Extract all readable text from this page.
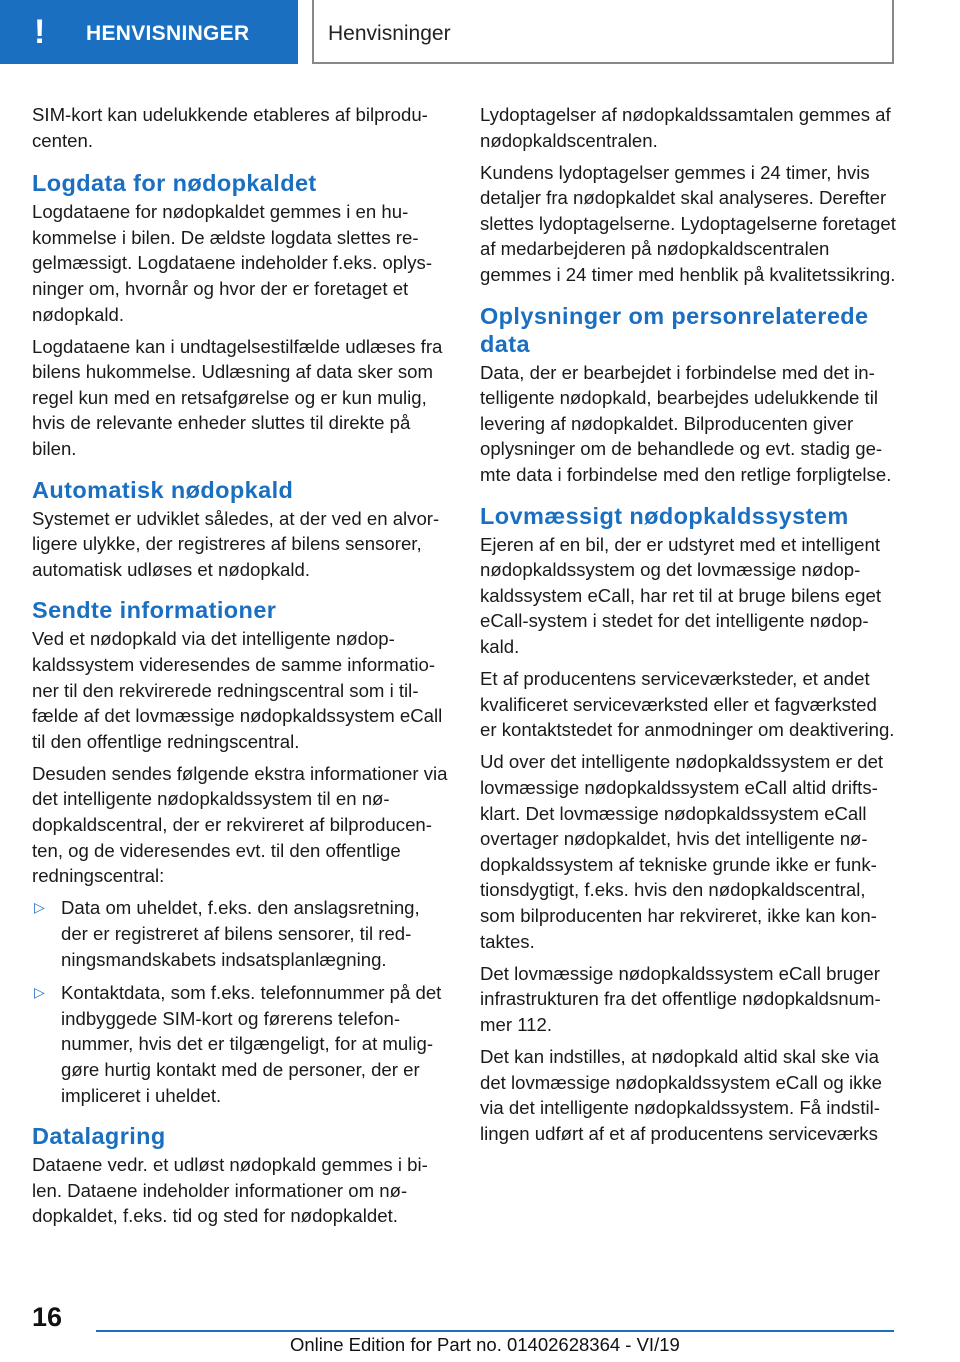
! HENVISNINGER	Henvisninger

SIM-kort kan udelukkende etableres af bilproducenten.

Logdata for nødopkaldet

Logdataene for nødopkaldet gemmes i en hukommelse i bilen. De ældste logdata slettes regelmæssigt. Logdataene indeholder f.eks. oplysninger om, hvornår og hvor der er foretaget et nødopkald.

Logdataene kan i undtagelsestilfælde udlæses fra bilens hukommelse. Udlæsning af data sker som regel kun med en retsafgørelse og er kun mulig, hvis de relevante enheder sluttes til direkte på bilen.

Automatisk nødopkald

Systemet er udviklet således, at der ved en alvorligere ulykke, der registreres af bilens sensorer, automatisk udløses et nødopkald.

Sendte informationer

Ved et nødopkald via det intelligente nødopkaldssystem videresendes de samme informationer til den rekvirerede redningscentral som i tilfælde af det lovmæssige nødopkaldssystem eCall til den offentlige redningscentral.

Desuden sendes følgende ekstra informationer via det intelligente nødopkaldssystem til en nødopkaldscentral, der er rekvireret af bilproducenten, og de videresendes evt. til den offentlige redningscentral:

▷ Data om uheldet, f.eks. den anslagsretning, der er registreret af bilens sensorer, til redningsmandskabets indsatsplanlægning.
▷ Kontaktdata, som f.eks. telefonnummer på det indbyggede SIM-kort og førerens telefonnummer, hvis det er tilgængeligt, for at muliggøre hurtig kontakt med de personer, der er impliceret i uheldet.
Datalagring

Dataene vedr. et udløst nødopkald gemmes i bilen. Dataene indeholder informationer om nødopkaldet, f.eks. tid og sted for nødopkaldet.

Lydoptagelser af nødopkaldssamtalen gemmes af nødopkaldscentralen.

Kundens lydoptagelser gemmes i 24 timer, hvis detaljer fra nødopkaldet skal analyseres. Derefter slettes lydoptagelserne. Lydoptagelserne foretaget af medarbejderen på nødopkaldscentralen gemmes i 24 timer med henblik på kvalitetssikring.

Oplysninger om personrelaterede data

Data, der er bearbejdet i forbindelse med det intelligente nødopkald, bearbejdes udelukkende til levering af nødopkaldet. Bilproducenten giver oplysninger om de behandlede og evt. stadig gemte data i forbindelse med den retlige forpligtelse.

Lovmæssigt nødopkaldssystem

Ejeren af en bil, der er udstyret med et intelligent nødopkaldssystem og det lovmæssige nødopkaldssystem eCall, har ret til at bruge bilens eget eCall-system i stedet for det intelligente nødopkald.

Et af producentens serviceværksteder, et andet kvalificeret serviceværksted eller et fagværksted er kontaktstedet for anmodninger om deaktivering.

Ud over det intelligente nødopkaldssystem er det lovmæssige nødopkaldssystem eCall altid driftsklart. Det lovmæssige nødopkaldssystem eCall overtager nødopkaldet, hvis det intelligente nødopkaldssystem af tekniske grunde ikke er funktionsdygtigt, f.eks. hvis den nødopkaldscentral, som bilproducenten har rekvireret, ikke kan kontaktes.

Det lovmæssige nødopkaldssystem eCall bruger infrastrukturen fra det offentlige nødopkaldsnummer 112.

Det kan indstilles, at nødopkald altid skal ske via det lovmæssige nødopkaldssystem eCall og ikke via det intelligente nødopkaldssystem. Få indstillingen udført af et af producentens serviceværks

16
Online Edition for Part no. 01402628364 - VI/19
